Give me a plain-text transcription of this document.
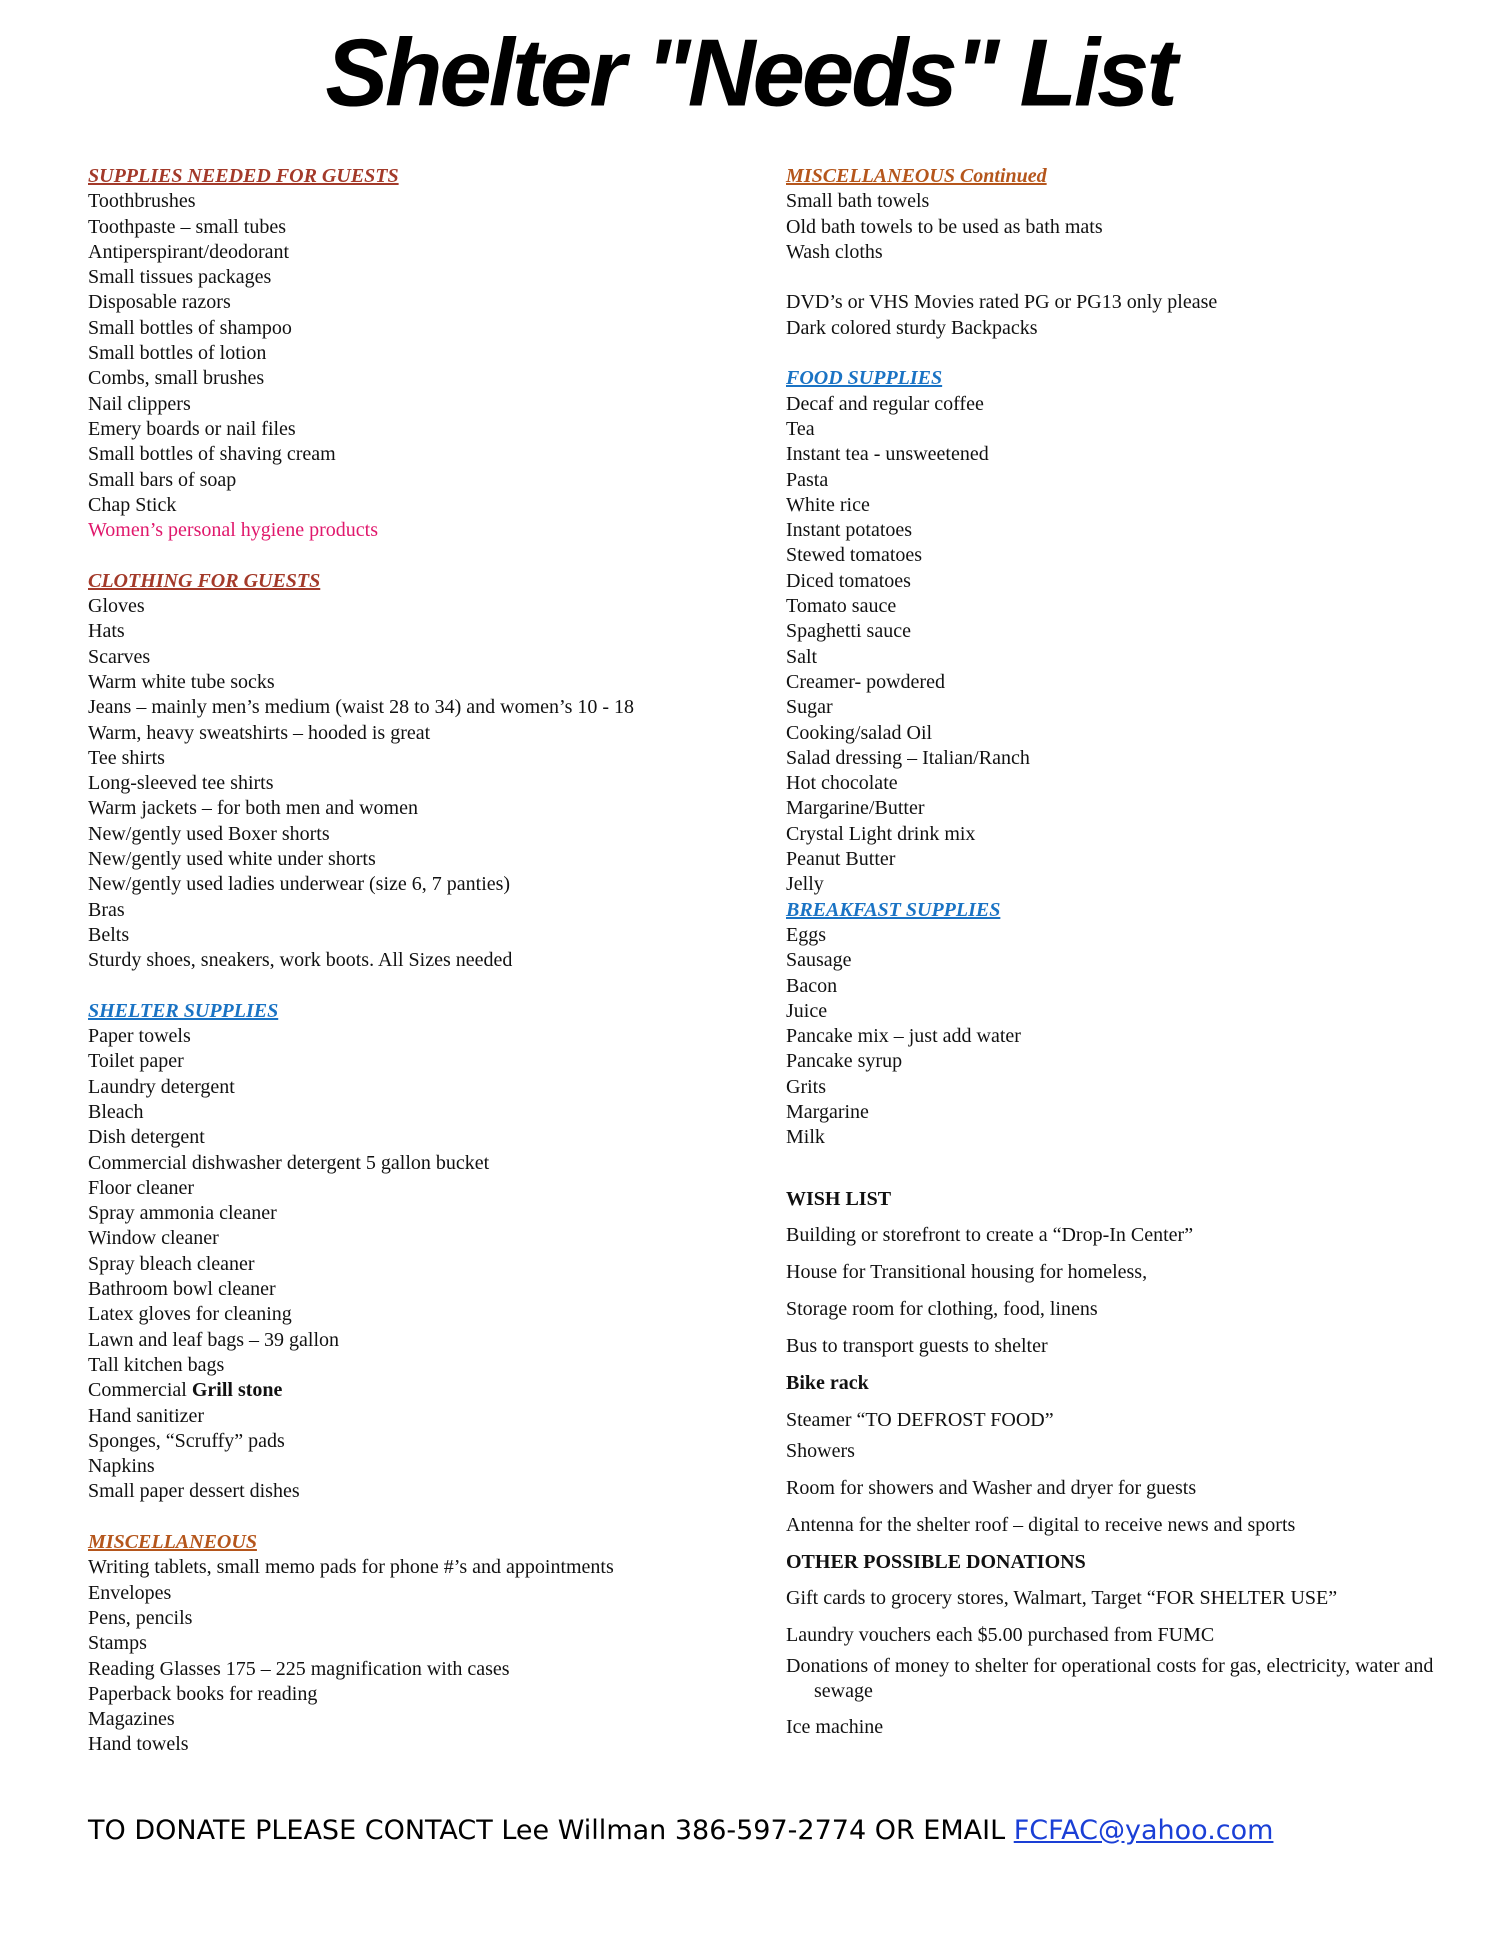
Shelter "Needs" List
SUPPLIES NEEDED FOR GUESTS
Toothbrushes
Toothpaste – small tubes
Antiperspirant/deodorant
Small tissues packages
Disposable razors
Small bottles of shampoo
Small bottles of lotion
Combs, small brushes
Nail clippers
Emery boards or nail files
Small bottles of shaving cream
Small bars of soap
Chap Stick
Women’s personal hygiene products
CLOTHING FOR GUESTS
Gloves
Hats
Scarves
Warm white tube socks
Jeans – mainly men’s medium (waist 28 to 34) and women’s 10 - 18
Warm, heavy sweatshirts – hooded is great
Tee shirts
Long-sleeved tee shirts
Warm jackets – for both men and women
New/gently used Boxer shorts
New/gently used white under shorts
New/gently used ladies underwear (size 6, 7 panties)
Bras
Belts
Sturdy shoes, sneakers, work boots. All Sizes needed
SHELTER SUPPLIES
Paper towels
Toilet paper
Laundry detergent
Bleach
Dish detergent
Commercial dishwasher detergent 5 gallon bucket
Floor cleaner
Spray ammonia cleaner
Window cleaner
Spray bleach cleaner
Bathroom bowl cleaner
Latex gloves for cleaning
Lawn and leaf bags – 39 gallon
Tall kitchen bags
Commercial Grill stone
Hand sanitizer
Sponges, “Scruffy” pads
Napkins
Small paper dessert dishes
MISCELLANEOUS
Writing tablets, small memo pads for phone #’s and appointments
Envelopes
Pens, pencils
Stamps
Reading Glasses 175 – 225 magnification with cases
Paperback books for reading
Magazines
Hand towels
MISCELLANEOUS Continued
Small bath towels
Old bath towels to be used as bath mats
Wash cloths
DVD’s or VHS Movies rated PG or PG13 only please
Dark colored sturdy Backpacks
FOOD SUPPLIES
Decaf and regular coffee
Tea
Instant tea - unsweetened
Pasta
White rice
Instant potatoes
Stewed tomatoes
Diced tomatoes
Tomato sauce
Spaghetti sauce
Salt
Creamer- powdered
Sugar
Cooking/salad Oil
Salad dressing – Italian/Ranch
Hot chocolate
Margarine/Butter
Crystal Light drink mix
Peanut Butter
Jelly
BREAKFAST SUPPLIES
Eggs
Sausage
Bacon
Juice
Pancake mix – just add water
Pancake syrup
Grits
Margarine
Milk
WISH LIST
Building or storefront to create a “Drop-In Center”
House for Transitional housing for homeless,
Storage room for clothing, food, linens
Bus to transport guests to shelter
Bike rack
Steamer “TO DEFROST FOOD”
Showers
Room for showers and Washer and dryer for guests
Antenna for the shelter roof – digital to receive news and sports
OTHER POSSIBLE DONATIONS
Gift cards to grocery stores, Walmart, Target “FOR SHELTER USE”
Laundry vouchers each $5.00 purchased from FUMC
Donations of money to shelter for operational costs for gas, electricity, water and sewage
Ice machine
TO DONATE PLEASE CONTACT Lee Willman 386-597-2774 OR EMAIL FCFAC@yahoo.com
